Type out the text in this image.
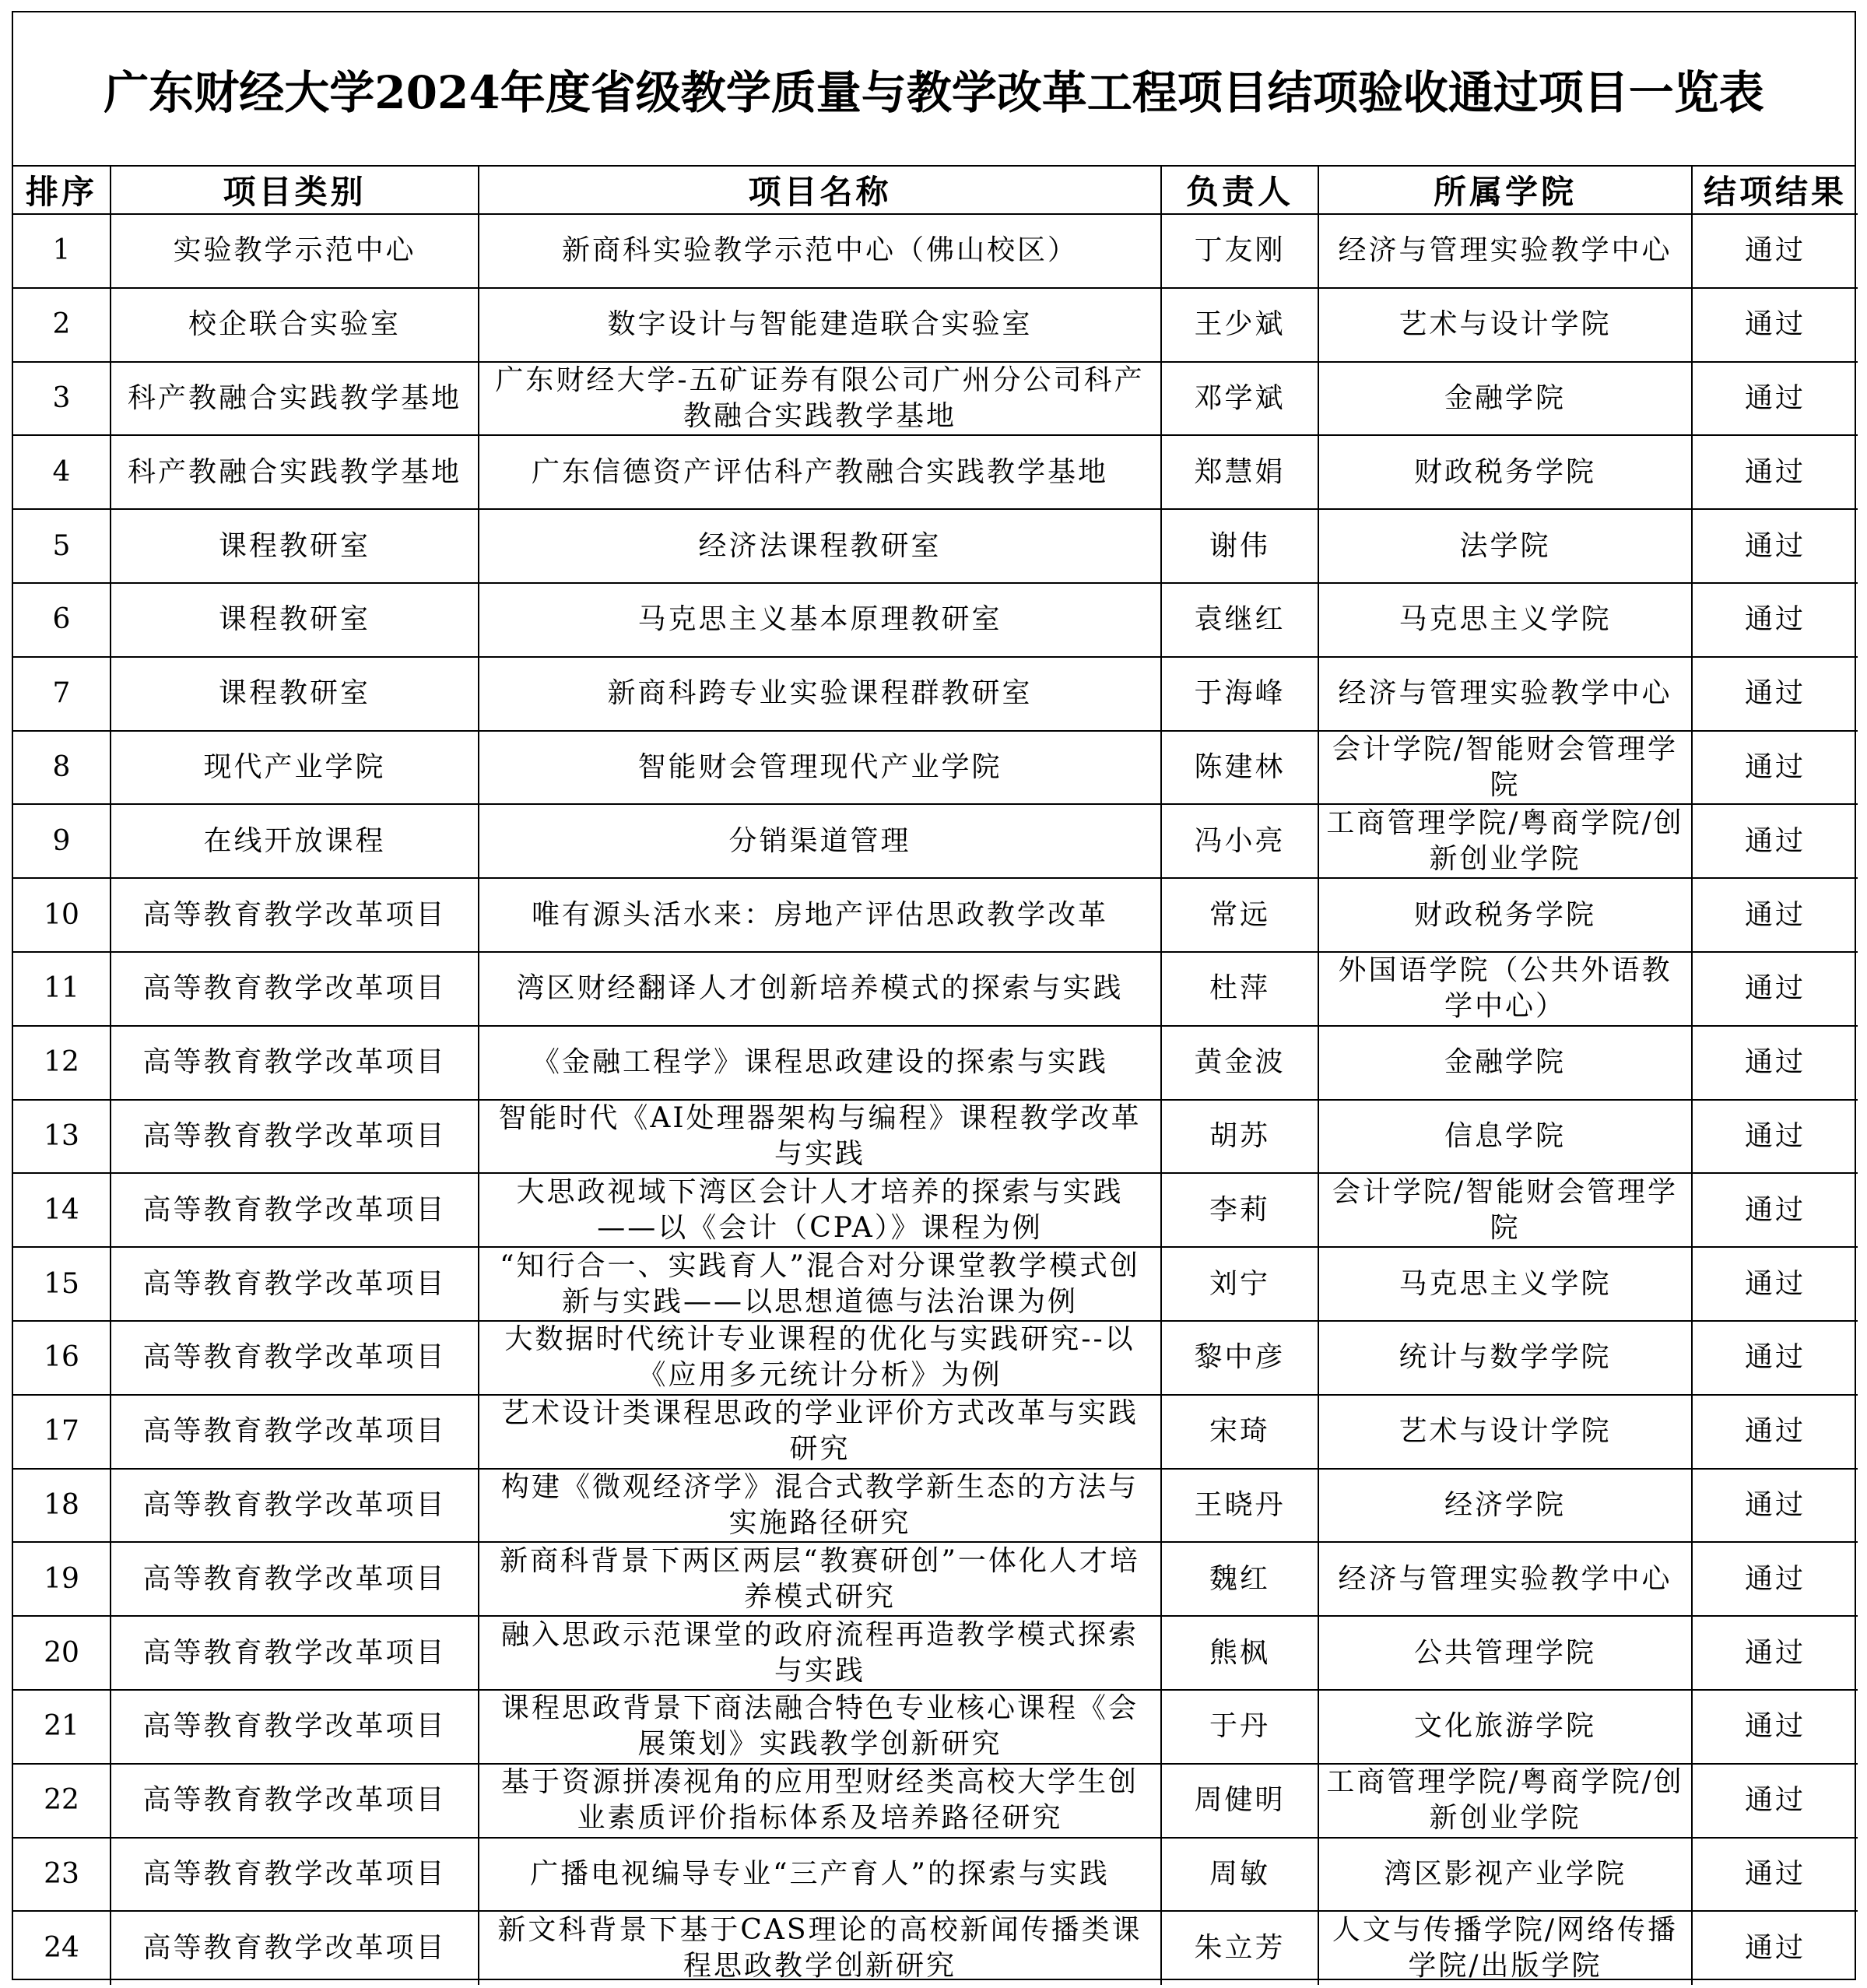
广东财经大学2024年度省级教学质量与教学改革工程项目结项验收通过项目一览表
排序	项目类别	项目名称	负责人	所属学院	结项结果
1	实验教学示范中心	新商科实验教学示范中心（佛山校区）	丁友刚	经济与管理实验教学中心	通过
2	校企联合实验室	数字设计与智能建造联合实验室	王少斌	艺术与设计学院	通过
3	科产教融合实践教学基地	广东财经大学-五矿证券有限公司广州分公司科产教融合实践教学基地	邓学斌	金融学院	通过
4	科产教融合实践教学基地	广东信德资产评估科产教融合实践教学基地	郑慧娟	财政税务学院	通过
5	课程教研室	经济法课程教研室	谢伟	法学院	通过
6	课程教研室	马克思主义基本原理教研室	袁继红	马克思主义学院	通过
7	课程教研室	新商科跨专业实验课程群教研室	于海峰	经济与管理实验教学中心	通过
8	现代产业学院	智能财会管理现代产业学院	陈建林	会计学院/智能财会管理学院	通过
9	在线开放课程	分销渠道管理	冯小亮	工商管理学院/粤商学院/创新创业学院	通过
10	高等教育教学改革项目	唯有源头活水来：房地产评估思政教学改革	常远	财政税务学院	通过
11	高等教育教学改革项目	湾区财经翻译人才创新培养模式的探索与实践	杜萍	外国语学院（公共外语教学中心）	通过
12	高等教育教学改革项目	《金融工程学》课程思政建设的探索与实践	黄金波	金融学院	通过
13	高等教育教学改革项目	智能时代《AI处理器架构与编程》课程教学改革与实践	胡苏	信息学院	通过
14	高等教育教学改革项目	大思政视域下湾区会计人才培养的探索与实践——以《会计（CPA）》课程为例	李莉	会计学院/智能财会管理学院	通过
15	高等教育教学改革项目	“知行合一、实践育人”混合对分课堂教学模式创新与实践——以思想道德与法治课为例	刘宁	马克思主义学院	通过
16	高等教育教学改革项目	大数据时代统计专业课程的优化与实践研究--以《应用多元统计分析》为例	黎中彦	统计与数学学院	通过
17	高等教育教学改革项目	艺术设计类课程思政的学业评价方式改革与实践研究	宋琦	艺术与设计学院	通过
18	高等教育教学改革项目	构建《微观经济学》混合式教学新生态的方法与实施路径研究	王晓丹	经济学院	通过
19	高等教育教学改革项目	新商科背景下两区两层“教赛研创”一体化人才培养模式研究	魏红	经济与管理实验教学中心	通过
20	高等教育教学改革项目	融入思政示范课堂的政府流程再造教学模式探索与实践	熊枫	公共管理学院	通过
21	高等教育教学改革项目	课程思政背景下商法融合特色专业核心课程《会展策划》实践教学创新研究	于丹	文化旅游学院	通过
22	高等教育教学改革项目	基于资源拼凑视角的应用型财经类高校大学生创业素质评价指标体系及培养路径研究	周健明	工商管理学院/粤商学院/创新创业学院	通过
23	高等教育教学改革项目	广播电视编导专业“三产育人”的探索与实践	周敏	湾区影视产业学院	通过
24	高等教育教学改革项目	新文科背景下基于CAS理论的高校新闻传播类课程思政教学创新研究	朱立芳	人文与传播学院/网络传播学院/出版学院	通过
